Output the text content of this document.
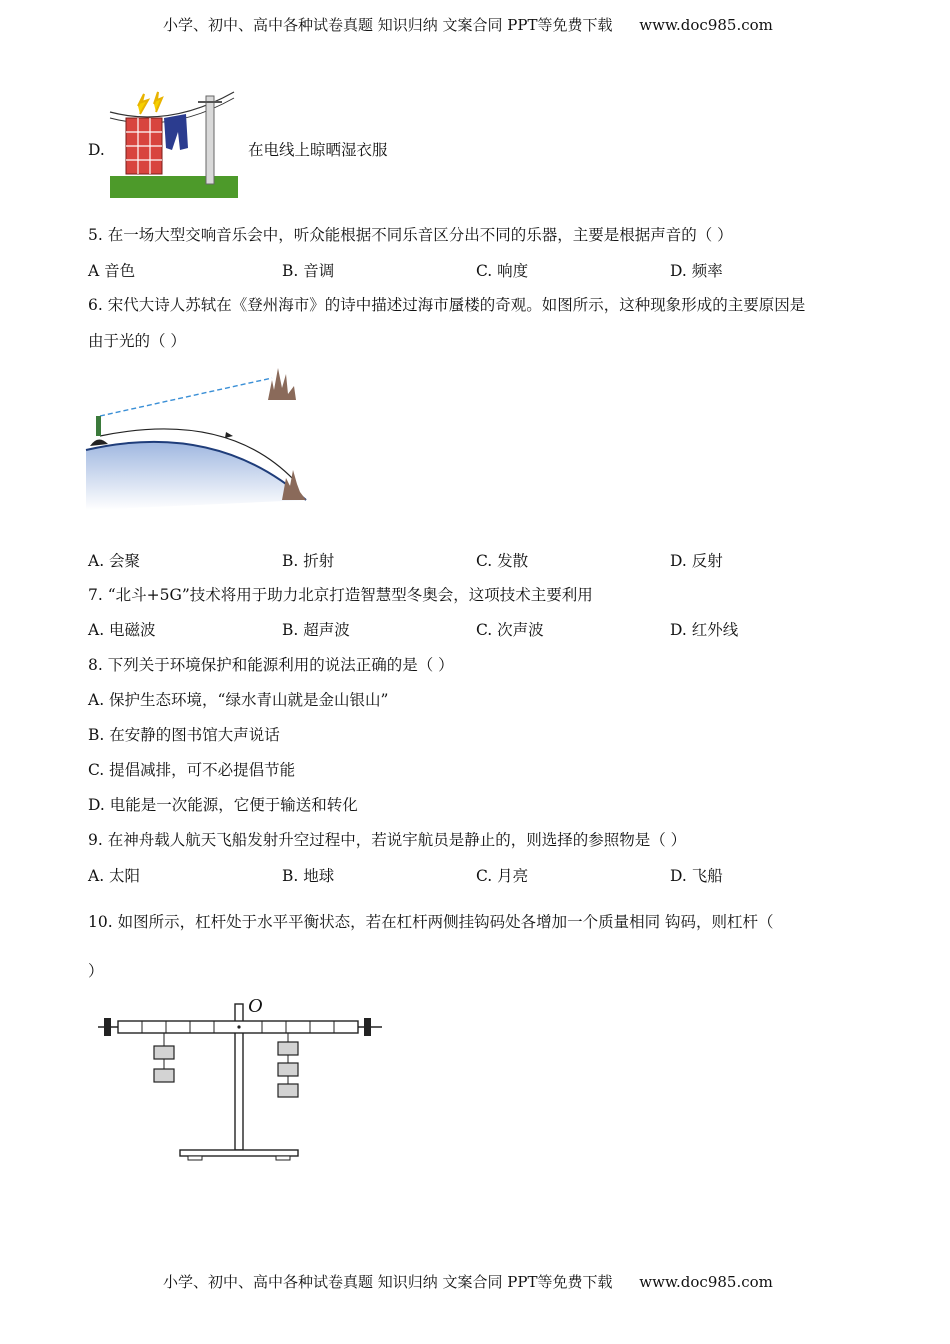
小学、初中、高中各种试卷真题 知识归纳 文案合同 PPT等免费下载 www.doc985.com
D.	在电线上晾晒湿衣服
5. 在一场大型交响音乐会中，听众能根据不同乐音区分出不同的乐器，主要是根据声音的（ ）
A 音色	B. 音调	C. 响度	D. 频率
6. 宋代大诗人苏轼在《登州海市》的诗中描述过海市蜃楼的奇观。如图所示，这种现象形成的主要原因是
由于光的（ ）
A. 会聚	B. 折射	C. 发散	D. 反射
7. “北斗+5G”技术将用于助力北京打造智慧型冬奥会，这项技术主要利用
A. 电磁波	B. 超声波	C. 次声波	D. 红外线
8. 下列关于环境保护和能源利用的说法正确的是（ ）
A. 保护生态环境，“绿水青山就是金山银山”
B. 在安静的图书馆大声说话
C. 提倡减排，可不必提倡节能
D. 电能是一次能源，它便于输送和转化
9. 在神舟载人航天飞船发射升空过程中，若说宇航员是静止的，则选择的参照物是（ ）
A. 太阳	B. 地球	C. 月亮	D. 飞船
10. 如图所示，杠杆处于水平平衡状态，若在杠杆两侧挂钩码处各增加一个质量相同 钩码，则杠杆（
）
O
小学、初中、高中各种试卷真题 知识归纳 文案合同 PPT等免费下载 www.doc985.com
